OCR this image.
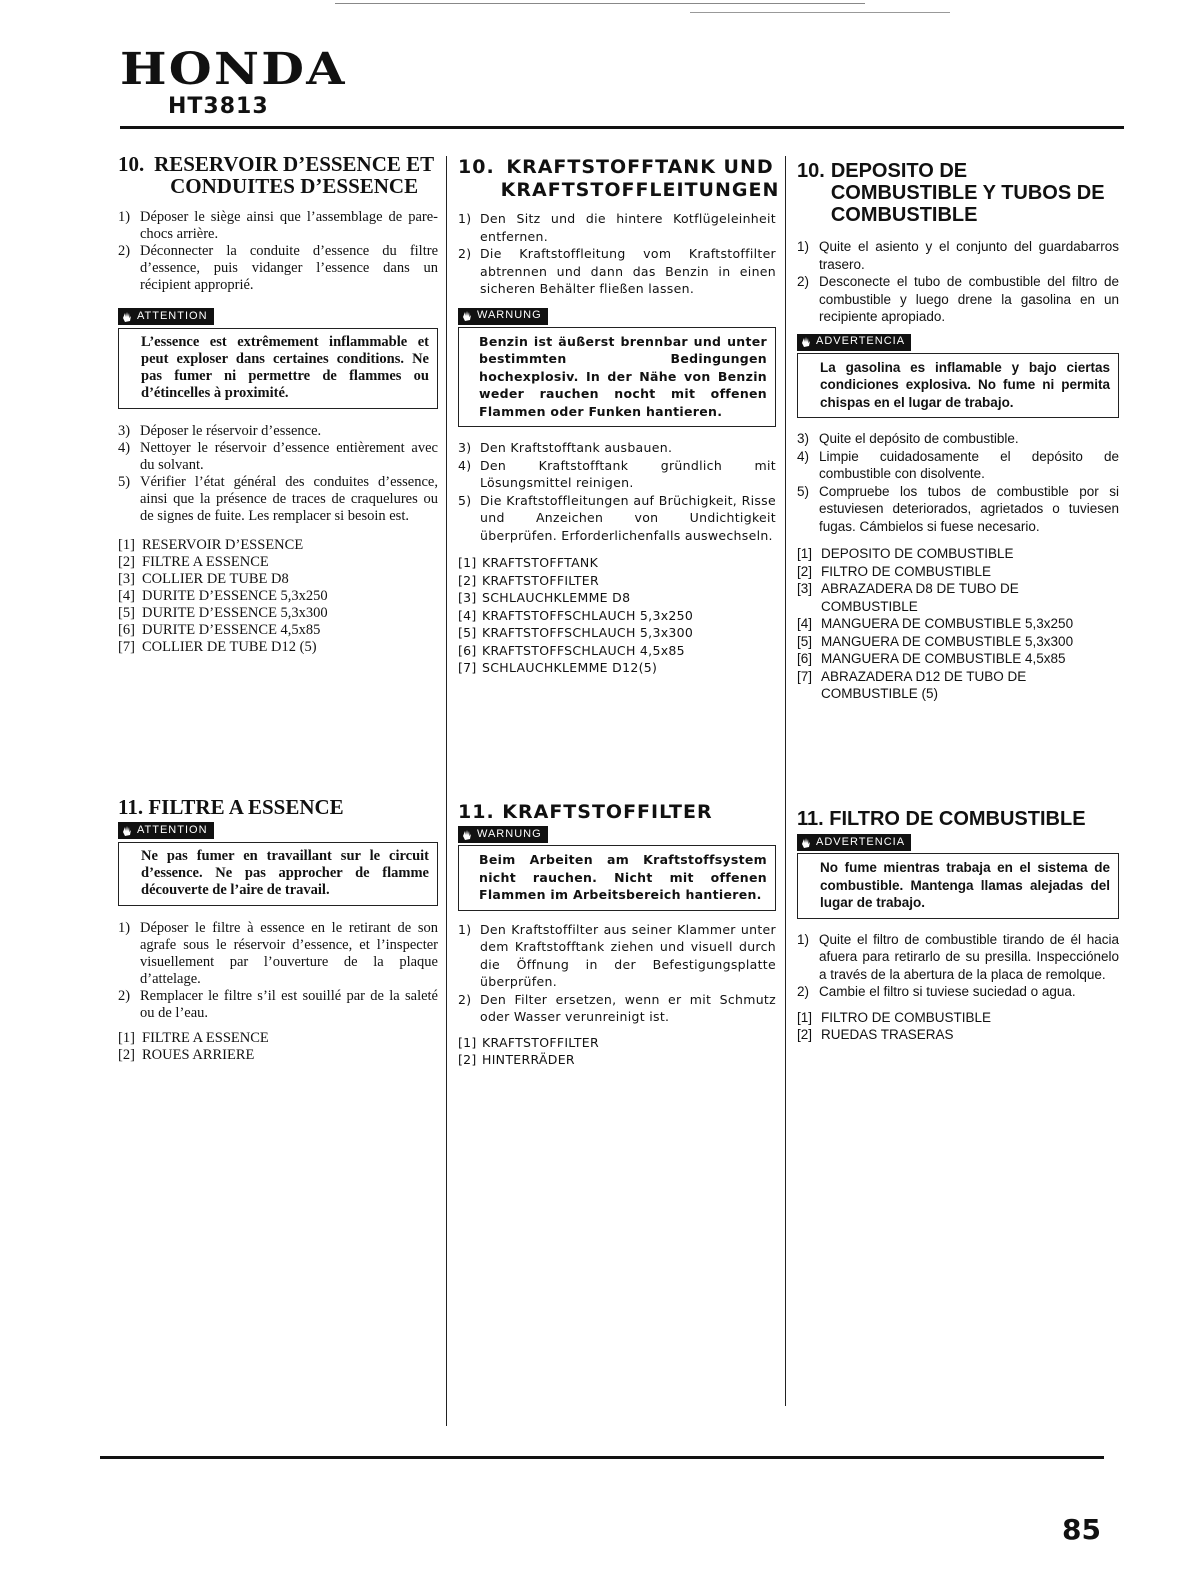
HONDA
HT3813
10. RESERVOIR D’ESSENCE ET CONDUITES D’ESSENCE
1) Déposer le siège ainsi que l’assemblage de pare-chocs arrière.
2) Déconnecter la conduite d’essence du filtre d’essence, puis vidanger l’essence dans un récipient approprié.
ATTENTION
L’essence est extrêmement inflammable et peut exploser dans certaines conditions. Ne pas fumer ni permettre de flammes ou d’étincelles à proximité.
3) Déposer le réservoir d’essence.
4) Nettoyer le réservoir d’essence entièrement avec du solvant.
5) Vérifier l’état général des conduites d’essence, ainsi que la présence de traces de craquelures ou de signes de fuite. Les remplacer si besoin est.
[1] RESERVOIR D’ESSENCE
[2] FILTRE A ESSENCE
[3] COLLIER DE TUBE D8
[4] DURITE D’ESSENCE 5,3x250
[5] DURITE D’ESSENCE 5,3x300
[6] DURITE D’ESSENCE 4,5x85
[7] COLLIER DE TUBE D12 (5)
11. FILTRE A ESSENCE
ATTENTION
Ne pas fumer en travaillant sur le circuit d’essence. Ne pas approcher de flamme découverte de l’aire de travail.
1) Déposer le filtre à essence en le retirant de son agrafe sous le réservoir d’essence, et l’inspecter visuellement par l’ouverture de la plaque d’attelage.
2) Remplacer le filtre s’il est souillé par de la saleté ou de l’eau.
[1] FILTRE A ESSENCE
[2] ROUES ARRIERE
10. KRAFTSTOFFTANK UND KRAFTSTOFFLEITUNGEN
1) Den Sitz und die hintere Kotflügeleinheit entfernen.
2) Die Kraftstoffleitung vom Kraftstoffilter abtrennen und dann das Benzin in einen sicheren Behälter fließen lassen.
WARNUNG
Benzin ist äußerst brennbar und unter bestimmten Bedingungen hochexplosiv. In der Nähe von Benzin weder rauchen nocht mit offenen Flammen oder Funken hantieren.
3) Den Kraftstofftank ausbauen.
4) Den Kraftstofftank gründlich mit Lösungsmittel reinigen.
5) Die Kraftstoffleitungen auf Brüchigkeit, Risse und Anzeichen von Undichtigkeit überprüfen. Erforderlichenfalls auswechseln.
[1] KRAFTSTOFFTANK
[2] KRAFTSTOFFILTER
[3] SCHLAUCHKLEMME D8
[4] KRAFTSTOFFSCHLAUCH 5,3x250
[5] KRAFTSTOFFSCHLAUCH 5,3x300
[6] KRAFTSTOFFSCHLAUCH 4,5x85
[7] SCHLAUCHKLEMME D12(5)
11. KRAFTSTOFFILTER
WARNUNG
Beim Arbeiten am Kraftstoffsystem nicht rauchen. Nicht mit offenen Flammen im Arbeitsbereich hantieren.
1) Den Kraftstoffilter aus seiner Klammer unter dem Kraftstofftank ziehen und visuell durch die Öffnung in der Befestigungsplatte überprüfen.
2) Den Filter ersetzen, wenn er mit Schmutz oder Wasser verunreinigt ist.
[1] KRAFTSTOFFILTER
[2] HINTERRÄDER
10. DEPOSITO DE COMBUSTIBLE Y TUBOS DE COMBUSTIBLE
1) Quite el asiento y el conjunto del guardabarros trasero.
2) Desconecte el tubo de combustible del filtro de combustible y luego drene la gasolina en un recipiente apropiado.
ADVERTENCIA
La gasolina es inflamable y bajo ciertas condiciones explosiva. No fume ni permita chispas en el lugar de trabajo.
3) Quite el depósito de combustible.
4) Limpie cuidadosamente el depósito de combustible con disolvente.
5) Compruebe los tubos de combustible por si estuviesen deteriorados, agrietados o tuviesen fugas. Cámbielos si fuese necesario.
[1] DEPOSITO DE COMBUSTIBLE
[2] FILTRO DE COMBUSTIBLE
[3] ABRAZADERA D8 DE TUBO DE COMBUSTIBLE
[4] MANGUERA DE COMBUSTIBLE 5,3x250
[5] MANGUERA DE COMBUSTIBLE 5,3x300
[6] MANGUERA DE COMBUSTIBLE 4,5x85
[7] ABRAZADERA D12 DE TUBO DE COMBUSTIBLE (5)
11. FILTRO DE COMBUSTIBLE
ADVERTENCIA
No fume mientras trabaja en el sistema de combustible. Mantenga llamas alejadas del lugar de trabajo.
1) Quite el filtro de combustible tirando de él hacia afuera para retirarlo de su presilla. Inspecciónelo a través de la abertura de la placa de remolque.
2) Cambie el filtro si tuviese suciedad o agua.
[1] FILTRO DE COMBUSTIBLE
[2] RUEDAS TRASERAS
85
